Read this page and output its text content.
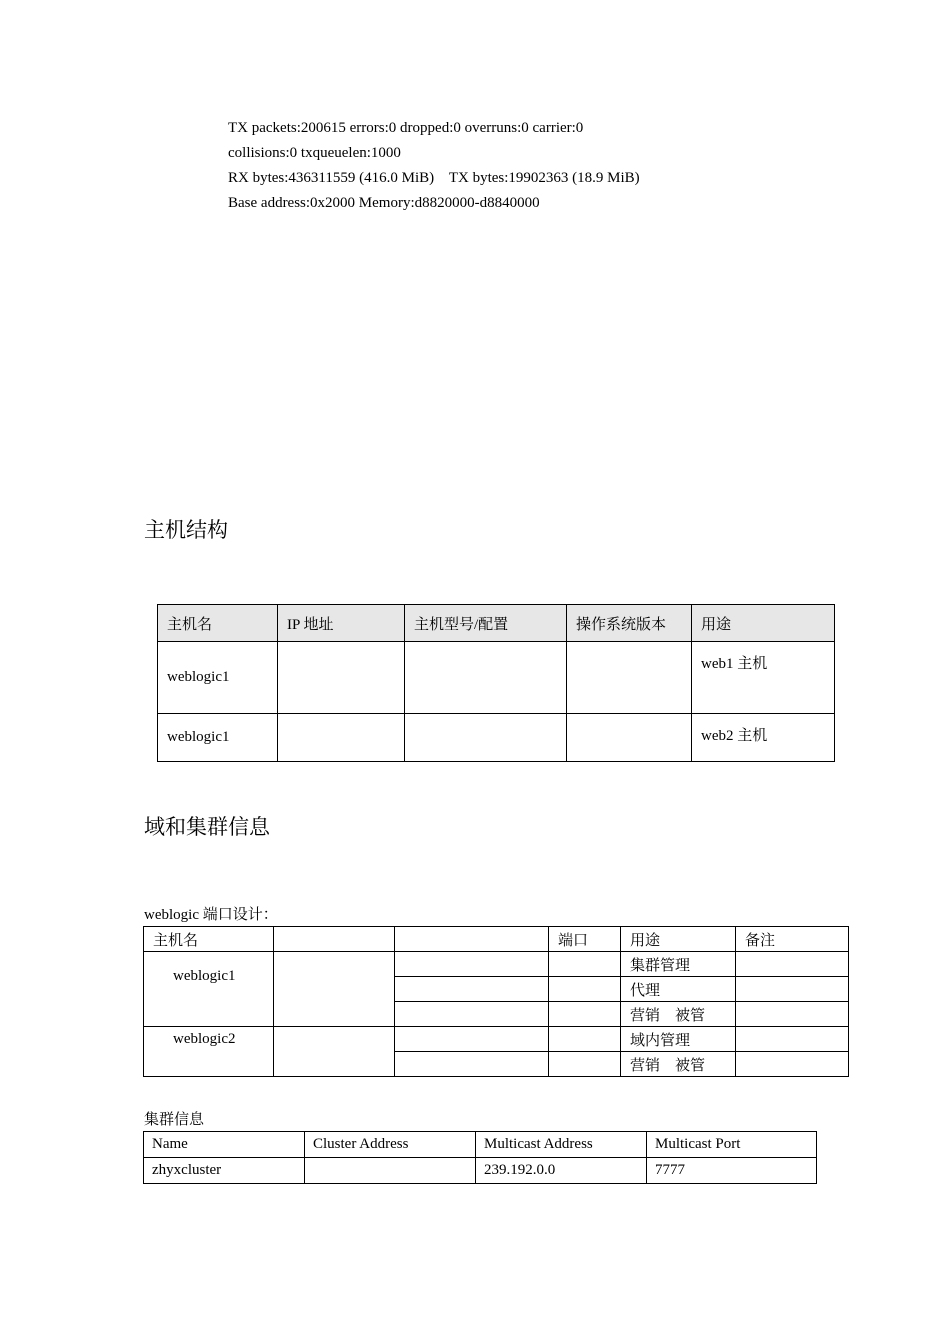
TX packets:200615 errors:0 dropped:0 overruns:0 carrier:0
collisions:0 txqueuelen:1000
RX bytes:436311559 (416.0 MiB)    TX bytes:19902363 (18.9 MiB)
Base address:0x2000 Memory:d8820000-d8840000
主机结构
主机名	IP 地址	主机型号/配置	操作系统版本	用途
weblogic1				web1 主机
weblogic1				web2 主机
域和集群信息
weblogic 端口设计：
主机名			端口	用途	备注
weblogic1				集群管理	
				代理	
				营销　被管	
weblogic2				域内管理	
				营销　被管	
集群信息
Name	Cluster Address	Multicast Address	Multicast Port
zhyxcluster		239.192.0.0	7777
